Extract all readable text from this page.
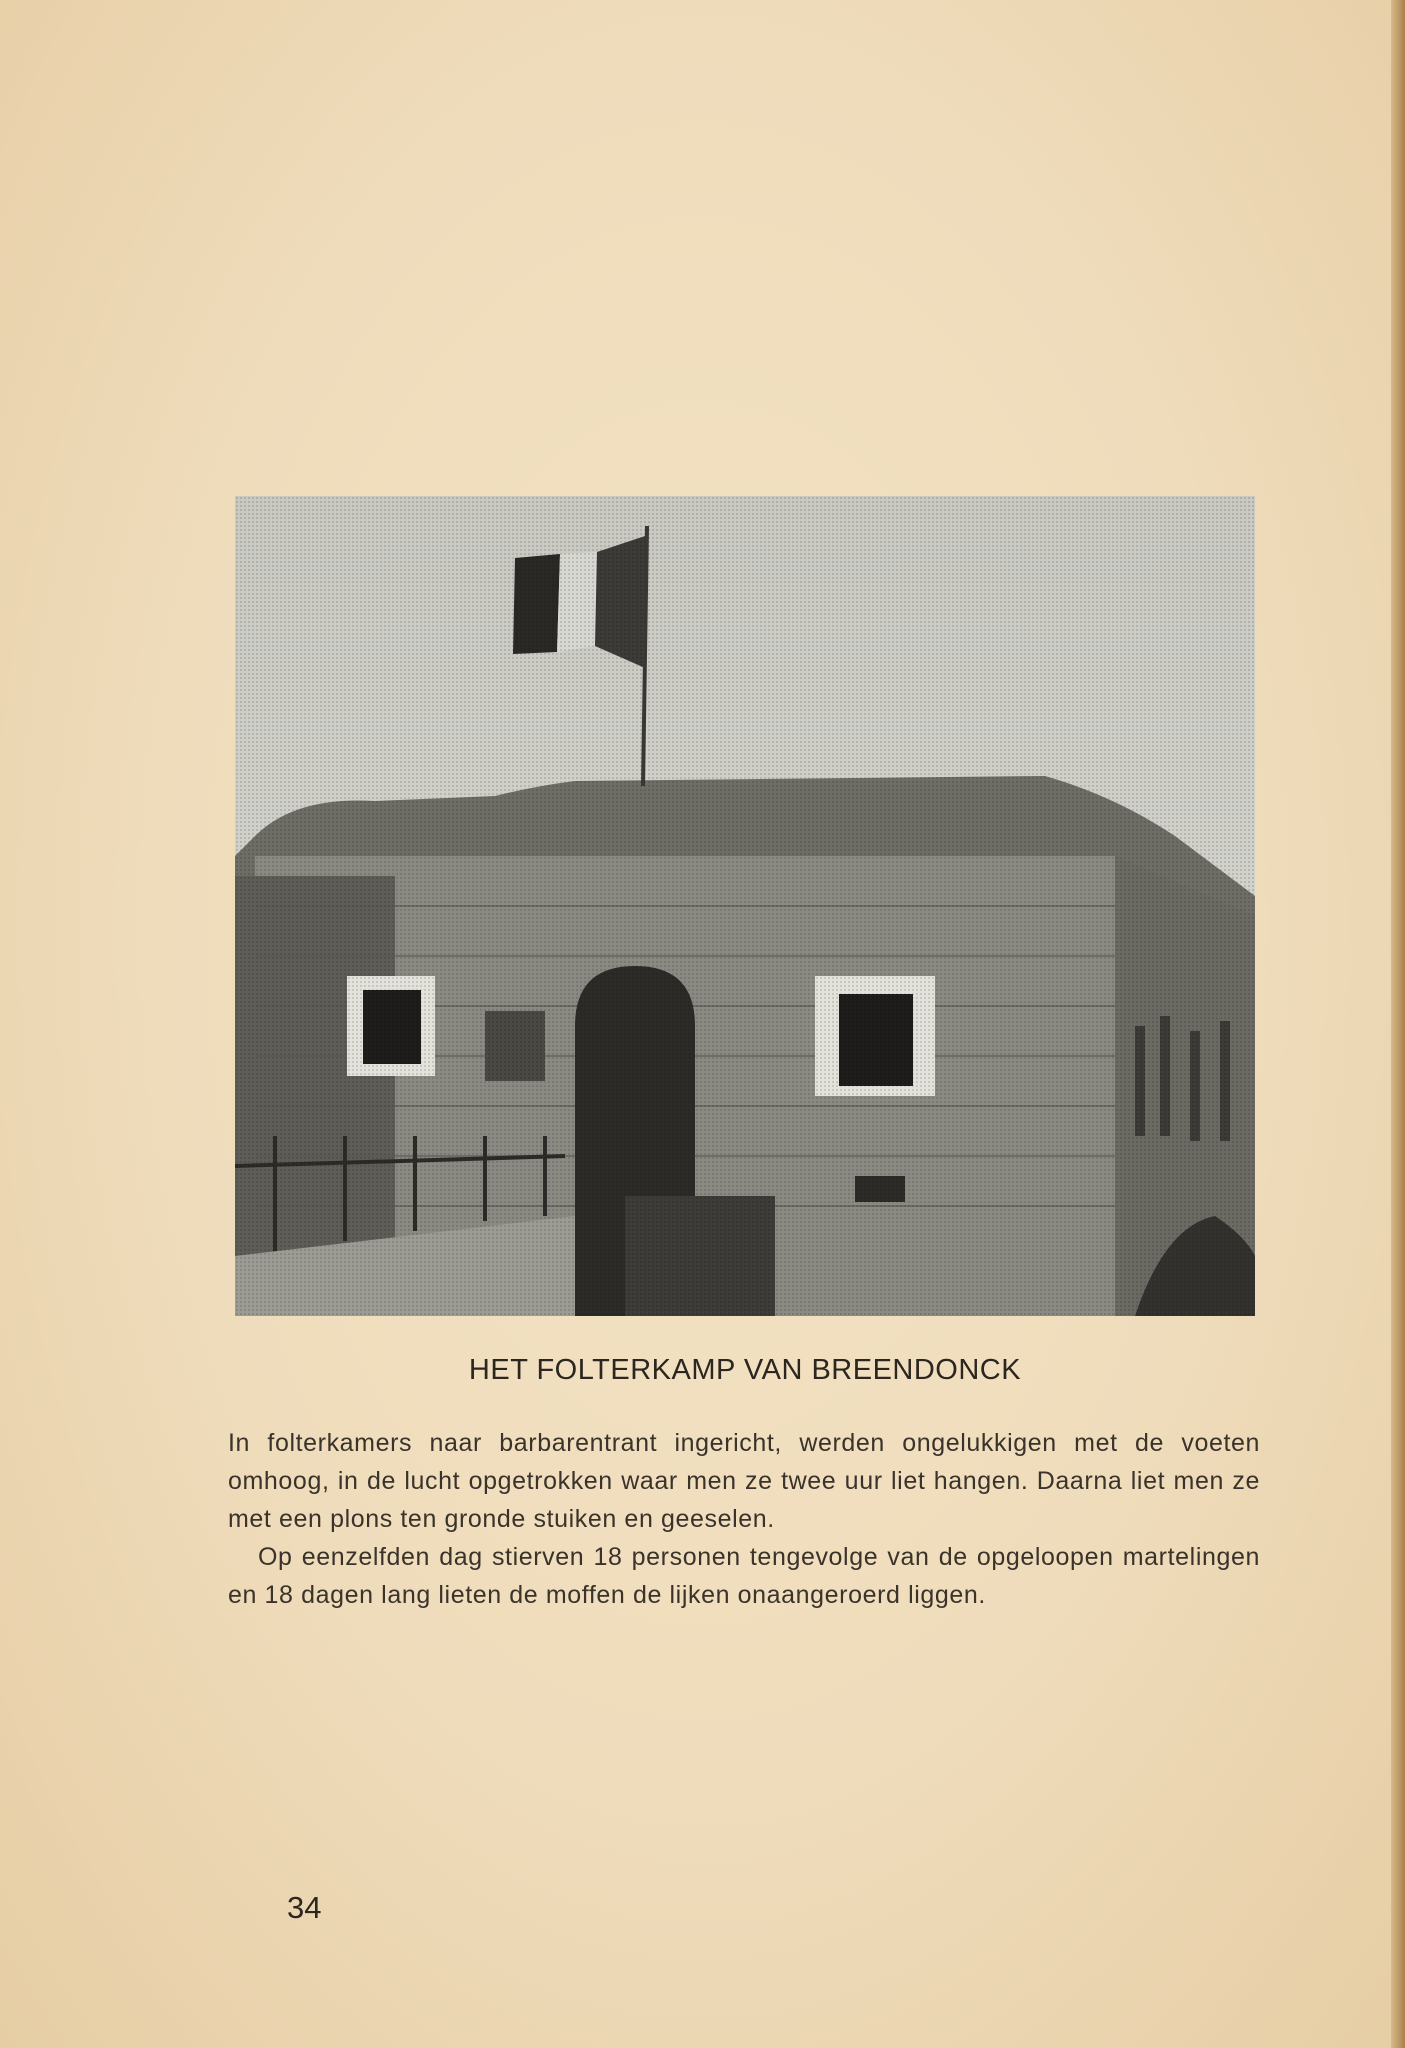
HET FOLTERKAMP VAN BREENDONCK

In folterkamers naar barbarentrant ingericht, werden ongelukkigen met de voeten omhoog, in de lucht opgetrokken waar men ze twee uur liet hangen. Daarna liet men ze met een plons ten gronde stuiken en geeselen.

Op eenzelfden dag stierven 18 personen tengevolge van de opgeloopen martelingen en 18 dagen lang lieten de moffen de lijken onaangeroerd liggen.

34
